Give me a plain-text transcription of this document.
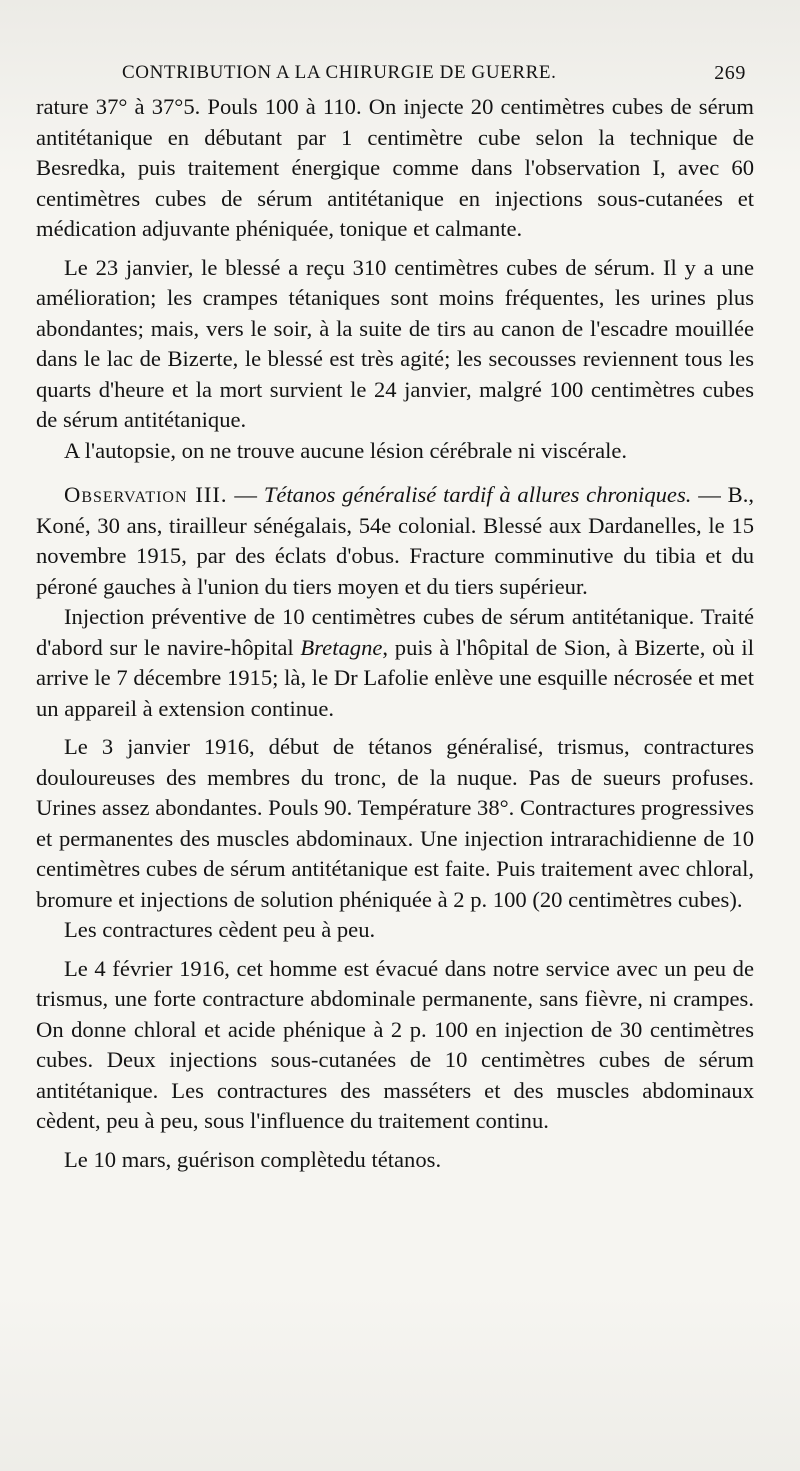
CONTRIBUTION A LA CHIRURGIE DE GUERRE.	269

rature 37° à 37°5. Pouls 100 à 110. On injecte 20 centimètres cubes de sérum antitétanique en débutant par 1 centimètre cube selon la technique de Besredka, puis traitement énergique comme dans l'observation I, avec 60 centimètres cubes de sérum antitétanique en injections sous-cutanées et médication adjuvante phéniquée, tonique et calmante.

Le 23 janvier, le blessé a reçu 310 centimètres cubes de sérum. Il y a une amélioration; les crampes tétaniques sont moins fréquentes, les urines plus abondantes; mais, vers le soir, à la suite de tirs au canon de l'escadre mouillée dans le lac de Bizerte, le blessé est très agité; les secousses reviennent tous les quarts d'heure et la mort survient le 24 janvier, malgré 100 centimètres cubes de sérum antitétanique.

A l'autopsie, on ne trouve aucune lésion cérébrale ni viscérale.

Observation III. — Tétanos généralisé tardif à allures chroniques. — B., Koné, 30 ans, tirailleur sénégalais, 54e colonial. Blessé aux Dardanelles, le 15 novembre 1915, par des éclats d'obus. Fracture comminutive du tibia et du péroné gauches à l'union du tiers moyen et du tiers supérieur.

Injection préventive de 10 centimètres cubes de sérum antitétanique. Traité d'abord sur le navire-hôpital Bretagne, puis à l'hôpital de Sion, à Bizerte, où il arrive le 7 décembre 1915; là, le Dr Lafolie enlève une esquille nécrosée et met un appareil à extension continue.

Le 3 janvier 1916, début de tétanos généralisé, trismus, contractures douloureuses des membres du tronc, de la nuque. Pas de sueurs profuses. Urines assez abondantes. Pouls 90. Température 38°. Contractures progressives et permanentes des muscles abdominaux. Une injection intrarachidienne de 10 centimètres cubes de sérum antitétanique est faite. Puis traitement avec chloral, bromure et injections de solution phéniquée à 2 p. 100 (20 centimètres cubes).

Les contractures cèdent peu à peu.

Le 4 février 1916, cet homme est évacué dans notre service avec un peu de trismus, une forte contracture abdominale permanente, sans fièvre, ni crampes. On donne chloral et acide phénique à 2 p. 100 en injection de 30 centimètres cubes. Deux injections sous-cutanées de 10 centimètres cubes de sérum antitétanique. Les contractures des masséters et des muscles abdominaux cèdent, peu à peu, sous l'influence du traitement continu.

Le 10 mars, guérison complètedu tétanos.
